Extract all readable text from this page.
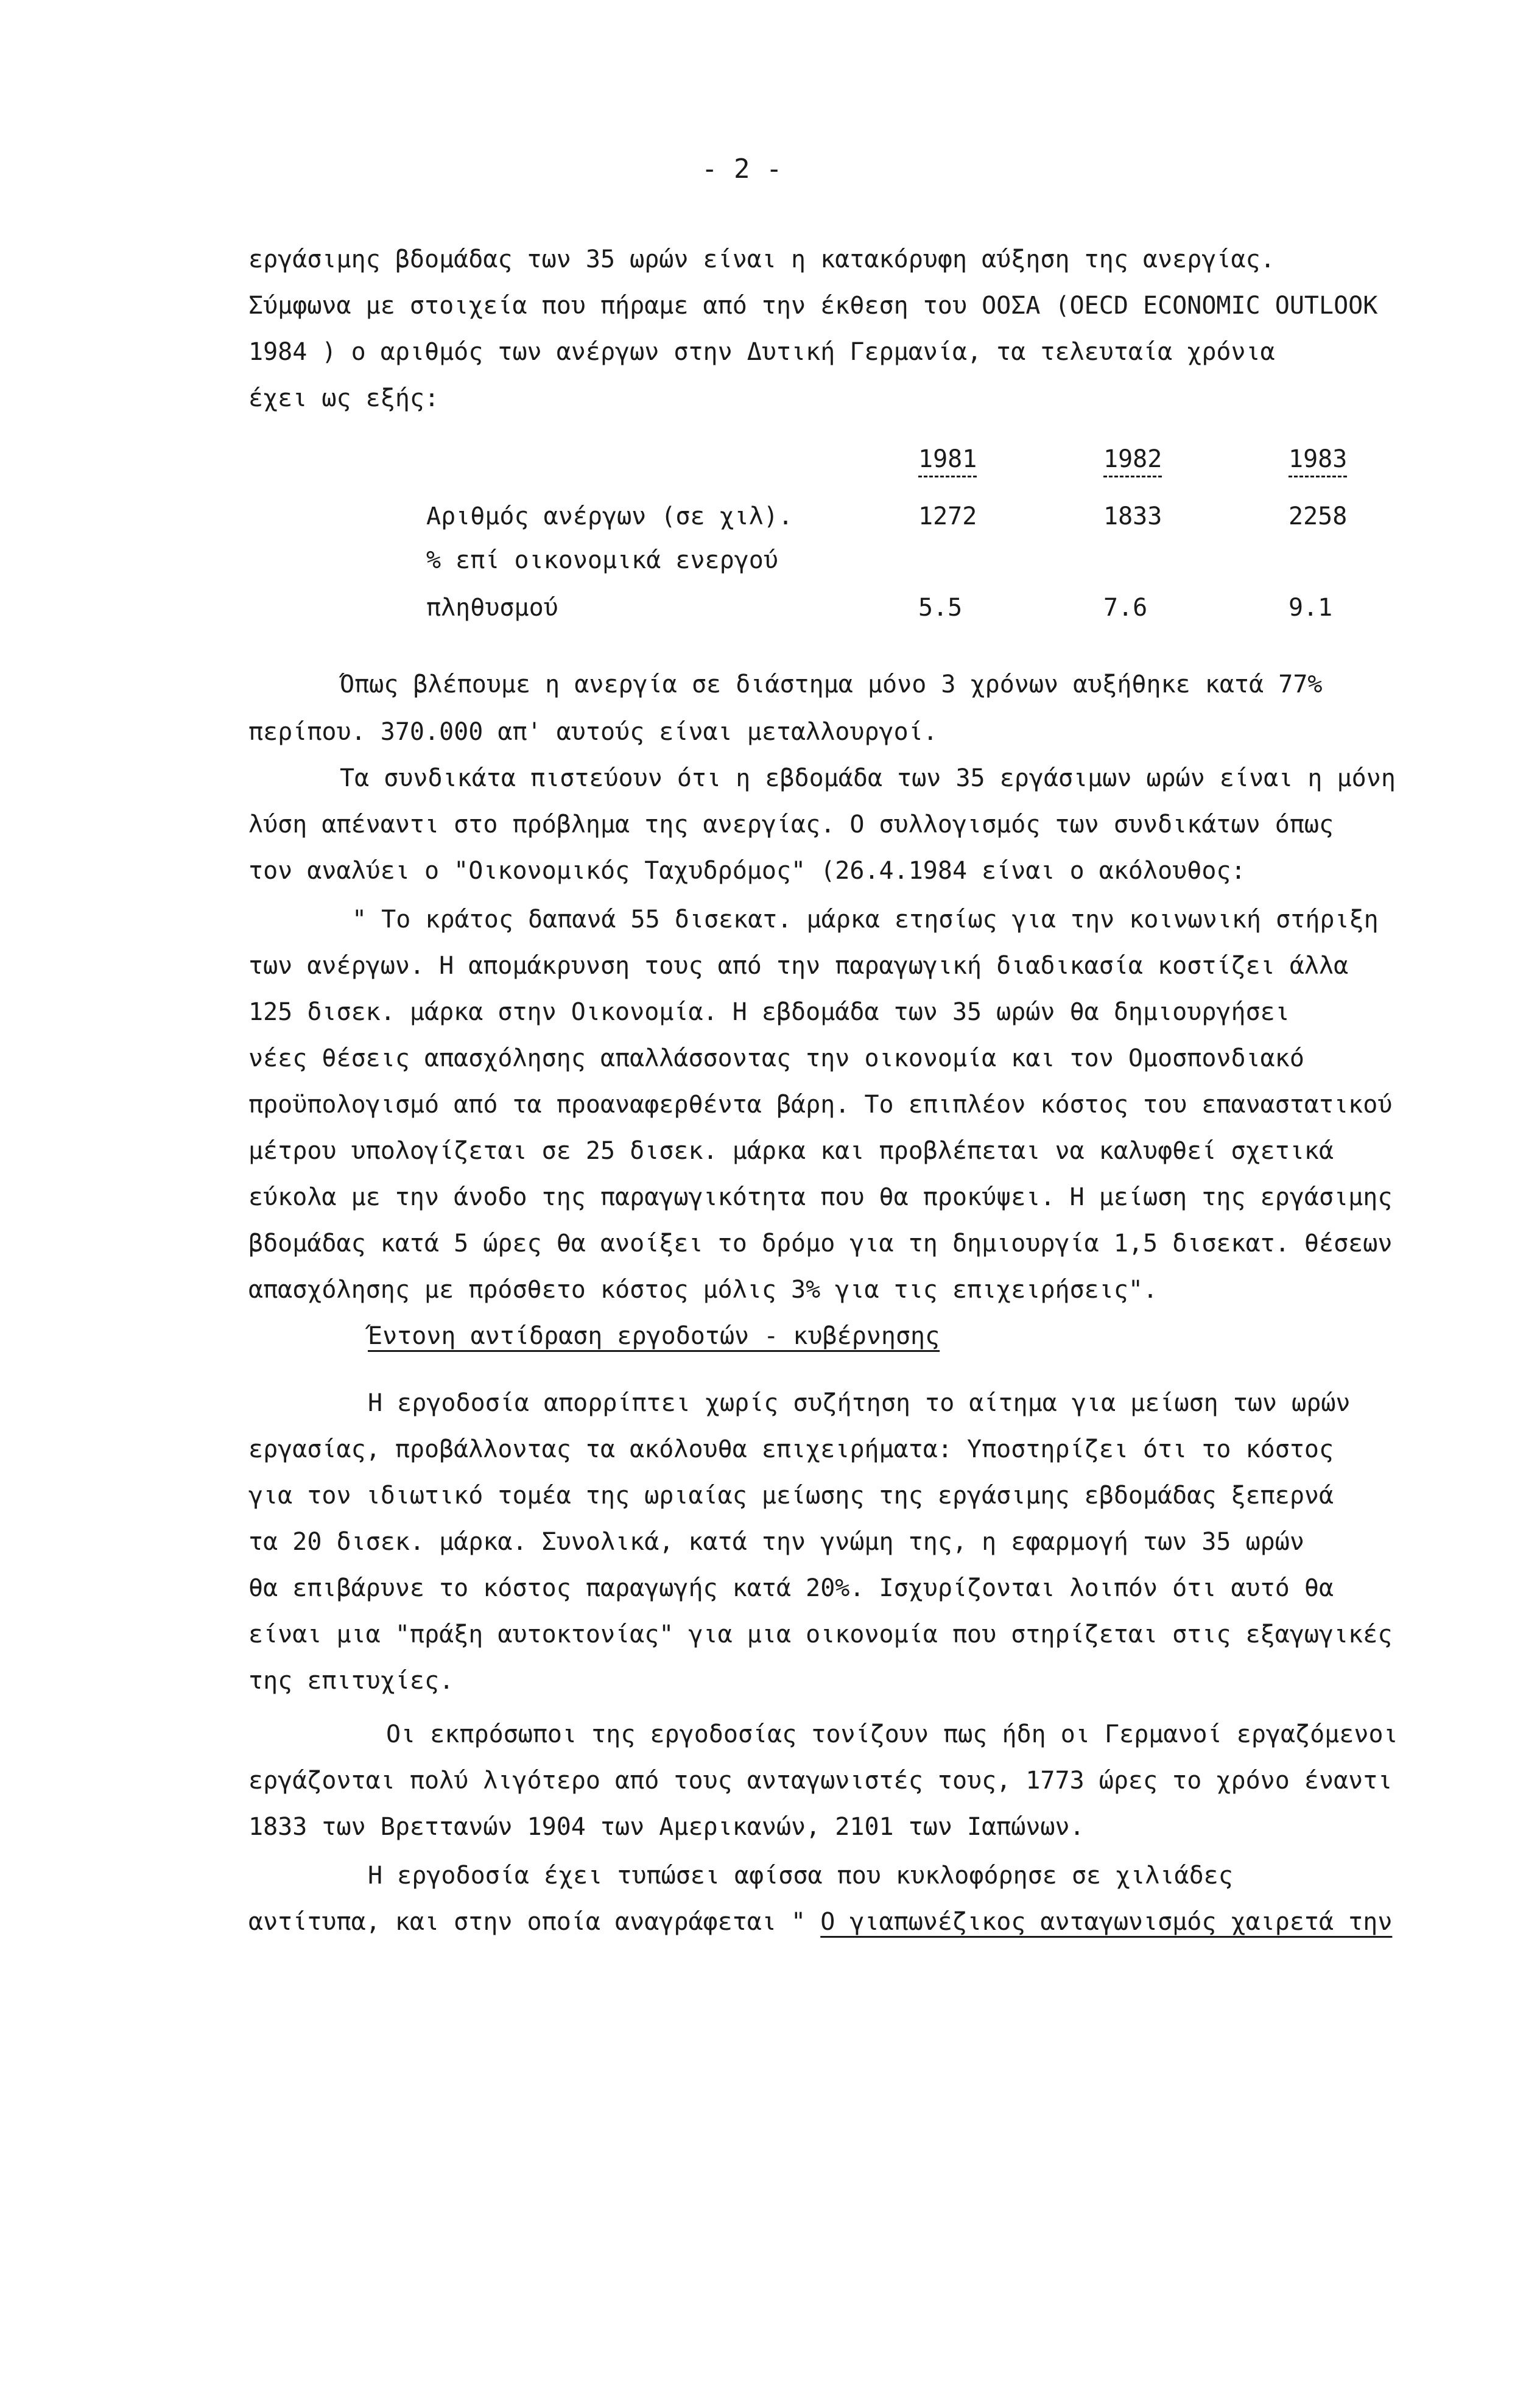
- 2 -
εργάσιμης βδομάδας των 35 ωρών είναι η κατακόρυφη αύξηση της ανεργίας.
Σύμφωνα με στοιχεία που πήραμε από την έκθεση του ΟΟΣΑ (OECD ECONOMIC OUTLOOK
1984 ) ο αριθμός των ανέργων στην Δυτική Γερμανία, τα τελευταία χρόνια
έχει ως εξής:
1981	1982	1983
Αριθμός ανέργων (σε χιλ).	1272	1833	2258
% επί οικονομικά ενεργού
πληθυσμού	5.5	7.6	9.1
Όπως βλέπουμε η ανεργία σε διάστημα μόνο 3 χρόνων αυξήθηκε κατά 77%
περίπου. 370.000 απ' αυτούς είναι μεταλλουργοί.
Τα συνδικάτα πιστεύουν ότι η εβδομάδα των 35 εργάσιμων ωρών είναι η μόνη
λύση απέναντι στο πρόβλημα της ανεργίας. Ο συλλογισμός των συνδικάτων όπως
τον αναλύει ο "Οικονομικός Ταχυδρόμος" (26.4.1984 είναι ο ακόλουθος:
" Το κράτος δαπανά 55 δισεκατ. μάρκα ετησίως για την κοινωνική στήριξη
των ανέργων. Η απομάκρυνση τους από την παραγωγική διαδικασία κοστίζει άλλα
125 δισεκ. μάρκα στην Οικονομία. Η εβδομάδα των 35 ωρών θα δημιουργήσει
νέες θέσεις απασχόλησης απαλλάσσοντας την οικονομία και τον Ομοσπονδιακό
προϋπολογισμό από τα προαναφερθέντα βάρη. Το επιπλέον κόστος του επαναστατικού
μέτρου υπολογίζεται σε 25 δισεκ. μάρκα και προβλέπεται να καλυφθεί σχετικά
εύκολα με την άνοδο της παραγωγικότητα που θα προκύψει. Η μείωση της εργάσιμης
βδομάδας κατά 5 ώρες θα ανοίξει το δρόμο για τη δημιουργία 1,5 δισεκατ. θέσεων
απασχόλησης με πρόσθετο κόστος μόλις 3% για τις επιχειρήσεις".
Έντονη αντίδραση εργοδοτών - κυβέρνησης
Η εργοδοσία απορρίπτει χωρίς συζήτηση το αίτημα για μείωση των ωρών
εργασίας, προβάλλοντας τα ακόλουθα επιχειρήματα: Υποστηρίζει ότι το κόστος
για τον ιδιωτικό τομέα της ωριαίας μείωσης της εργάσιμης εβδομάδας ξεπερνά
τα 20 δισεκ. μάρκα. Συνολικά, κατά την γνώμη της, η εφαρμογή των 35 ωρών
θα επιβάρυνε το κόστος παραγωγής κατά 20%. Ισχυρίζονται λοιπόν ότι αυτό θα
είναι μια "πράξη αυτοκτονίας" για μια οικονομία που στηρίζεται στις εξαγωγικές
της επιτυχίες.
Οι εκπρόσωποι της εργοδοσίας τονίζουν πως ήδη οι Γερμανοί εργαζόμενοι
εργάζονται πολύ λιγότερο από τους ανταγωνιστές τους, 1773 ώρες το χρόνο έναντι
1833 των Βρεττανών 1904 των Αμερικανών, 2101 των Ιαπώνων.
Η εργοδοσία έχει τυπώσει αφίσσα που κυκλοφόρησε σε χιλιάδες
αντίτυπα, και στην οποία αναγράφεται " Ο γιαπωνέζικος ανταγωνισμός χαιρετά την
